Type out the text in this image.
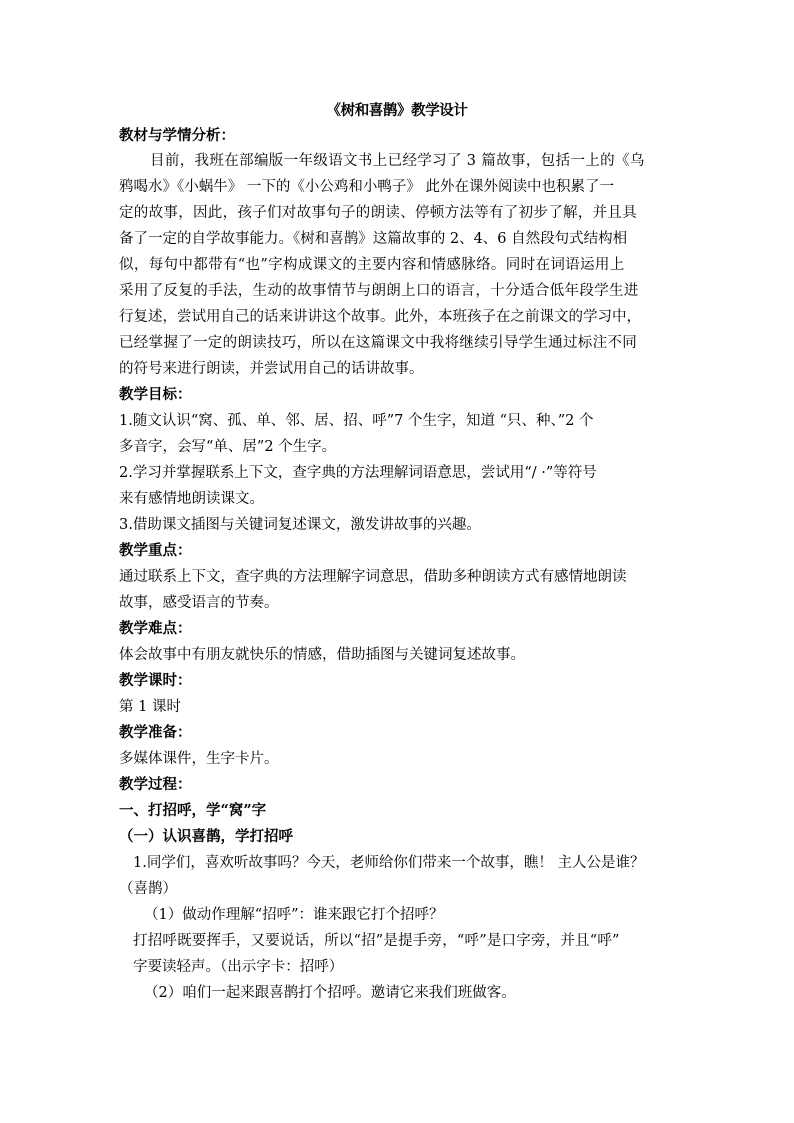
《树和喜鹊》教学设计

教材与学情分析：

目前，我班在部编版一年级语文书上已经学习了 3 篇故事，包括一上的《乌

鸦喝水》《小蜗牛》 一下的《小公鸡和小鸭子》 此外在课外阅读中也积累了一

定的故事，因此，孩子们对故事句子的朗读、停顿方法等有了初步了解，并且具

备了一定的自学故事能力。《树和喜鹊》这篇故事的 2、4、6 自然段句式结构相

似，每句中都带有“也”字构成课文的主要内容和情感脉络。同时在词语运用上

采用了反复的手法，生动的故事情节与朗朗上口的语言，十分适合低年段学生进

行复述，尝试用自己的话来讲讲这个故事。此外，本班孩子在之前课文的学习中，

已经掌握了一定的朗读技巧，所以在这篇课文中我将继续引导学生通过标注不同

的符号来进行朗读，并尝试用自己的话讲故事。

教学目标：

1.随文认识“窝、孤、单、邻、居、招、呼”7 个生字，知道 “只、种、”2 个

多音字，会写“单、居”2 个生字。

2.学习并掌握联系上下文，查字典的方法理解词语意思，尝试用“/ ·”等符号

来有感情地朗读课文。

3.借助课文插图与关键词复述课文，激发讲故事的兴趣。

教学重点：

通过联系上下文，查字典的方法理解字词意思，借助多种朗读方式有感情地朗读

故事，感受语言的节奏。

教学难点：

体会故事中有朋友就快乐的情感，借助插图与关键词复述故事。

教学课时：

第 1 课时

教学准备：

多媒体课件，生字卡片。

教学过程：

一、打招呼，学“窝”字

（一）认识喜鹊，学打招呼

1.同学们，喜欢听故事吗？今天，老师给你们带来一个故事，瞧！ 主人公是谁？

（喜鹊）

（1）做动作理解“招呼”：谁来跟它打个招呼？

打招呼既要挥手，又要说话，所以“招”是提手旁，“呼”是口字旁，并且“呼”

字要读轻声。（出示字卡：招呼）

（2）咱们一起来跟喜鹊打个招呼。邀请它来我们班做客。
